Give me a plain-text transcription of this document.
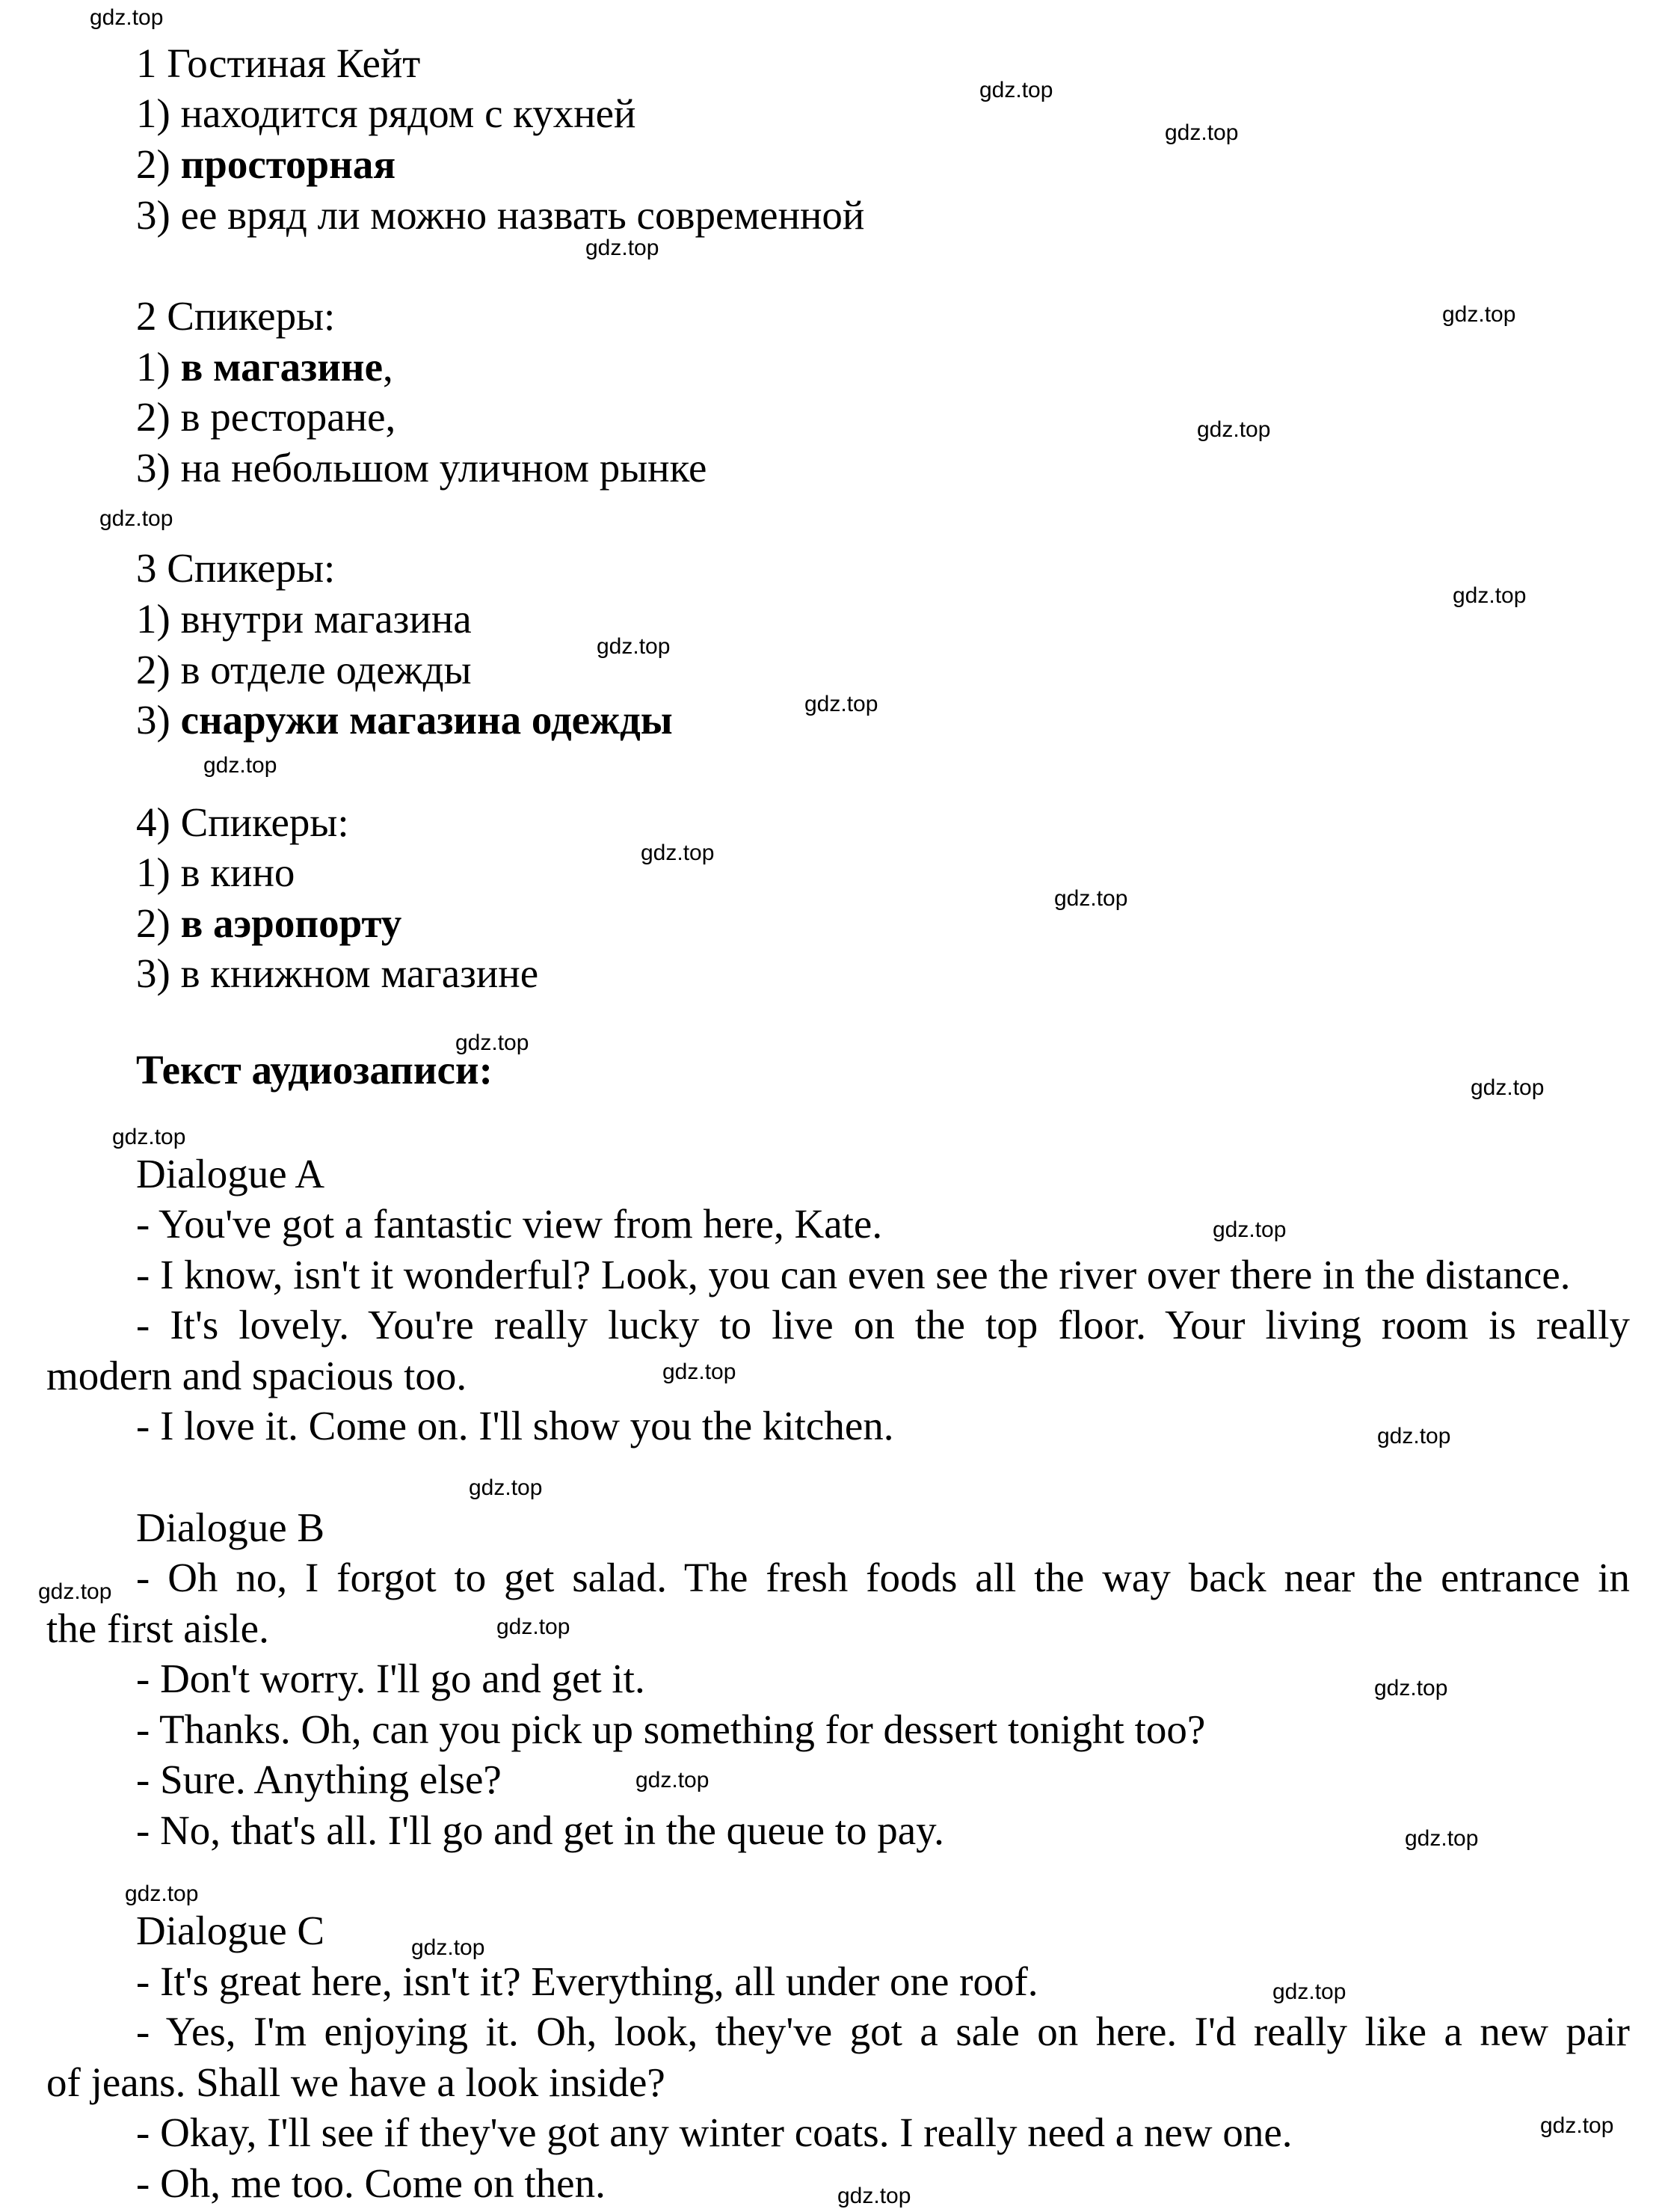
1 Гостиная Кейт
1) находится рядом с кухней
2) просторная
3) ее вряд ли можно назвать современной
2 Спикеры:
1) в магазине,
2) в ресторане,
3) на небольшом уличном рынке
3 Спикеры:
1) внутри магазина
2) в отделе одежды
3) снаружи магазина одежды
4) Спикеры:
1) в кино
2) в аэропорту
3) в книжном магазине
Текст аудиозаписи:
Dialogue A
- You've got a fantastic view from here, Kate.
- I know, isn't it wonderful? Look, you can even see the river over there in the distance.
- It's lovely. You're really lucky to live on the top floor. Your living room is really
modern and spacious too.
- I love it. Come on. I'll show you the kitchen.
Dialogue B
- Oh no, I forgot to get salad. The fresh foods all the way back near the entrance in
the first aisle.
- Don't worry. I'll go and get it.
- Thanks. Oh, can you pick up something for dessert tonight too?
- Sure. Anything else?
- No, that's all. I'll go and get in the queue to pay.
Dialogue C
- It's great here, isn't it? Everything, all under one roof.
- Yes, I'm enjoying it. Oh, look, they've got a sale on here. I'd really like a new pair
of jeans. Shall we have a look inside?
- Okay, I'll see if they've got any winter coats. I really need a new one.
- Oh, me too. Come on then.
gdz.top
gdz.top
gdz.top
gdz.top
gdz.top
gdz.top
gdz.top
gdz.top
gdz.top
gdz.top
gdz.top
gdz.top
gdz.top
gdz.top
gdz.top
gdz.top
gdz.top
gdz.top
gdz.top
gdz.top
gdz.top
gdz.top
gdz.top
gdz.top
gdz.top
gdz.top
gdz.top
gdz.top
gdz.top
gdz.top
